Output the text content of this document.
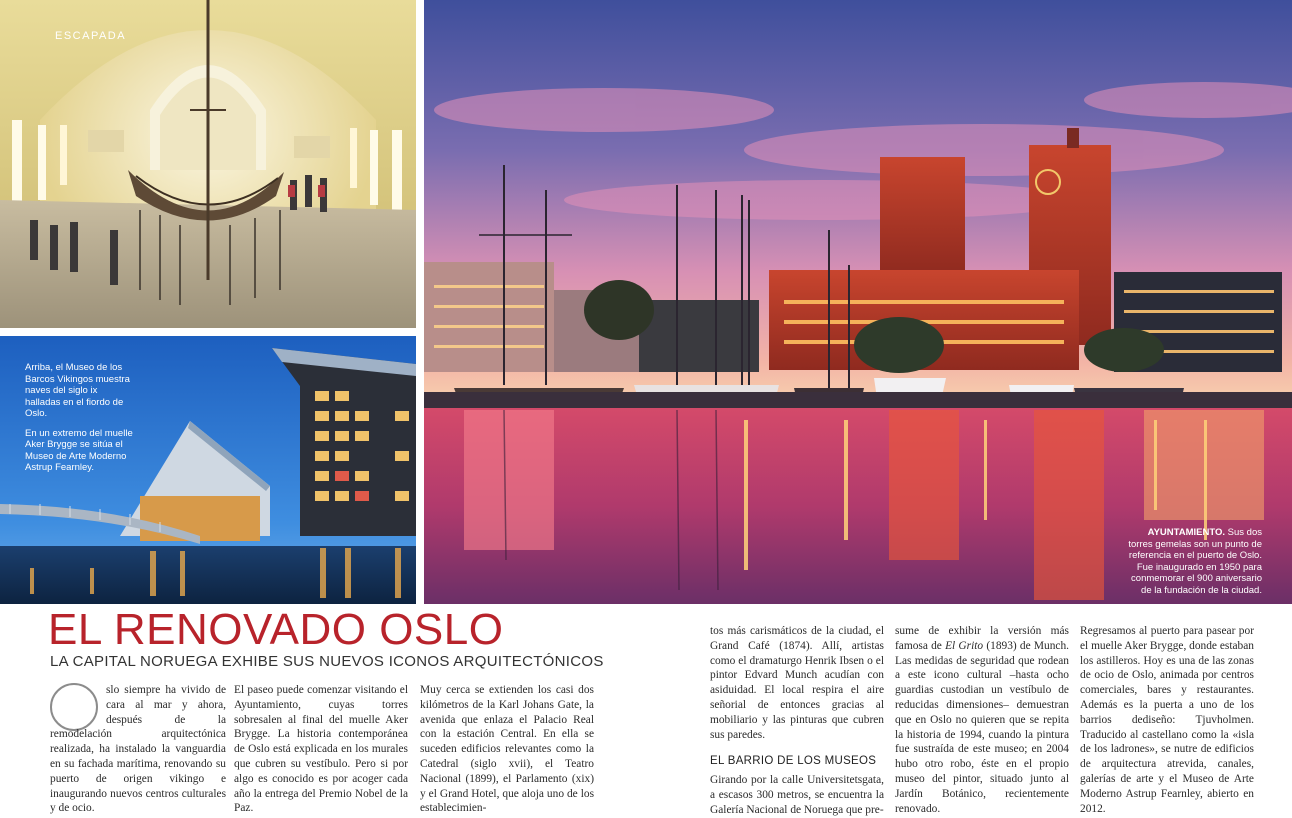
ESCAPADA

Arriba, el Museo de los Barcos Vikingos muestra naves del siglo ix halladas en el fiordo de Oslo.

En un extremo del muelle Aker Brygge se sitúa el Museo de Arte Moderno Astrup Fearnley.

AYUNTAMIENTO. Sus dos torres gemelas son un punto de referencia en el puerto de Oslo. Fue inaugurado en 1950 para conmemorar el 900 aniversario de la fundación de la ciudad.
EL RENOVADO OSLO
LA CAPITAL NORUEGA EXHIBE SUS NUEVOS ICONOS ARQUITECTÓNICOS

slo siempre ha vivido de cara al mar y ahora, después de la remodelación arquitectónica realizada, ha instalado la vanguardia en su fachada marítima, renovando su puerto de origen vikingo e inaugurando nuevos centros culturales y de ocio.

El paseo puede comenzar visitando el Ayuntamiento, cuyas torres sobresalen al final del muelle Aker Brygge. La historia contemporánea de Oslo está explicada en los murales que cubren su vestíbulo. Pero si por algo es conocido es por acoger cada año la entrega del Premio Nobel de la Paz.

Muy cerca se extienden los casi dos kilómetros de la Karl Johans Gate, la avenida que enlaza el Palacio Real con la estación Central. En ella se suceden edificios relevantes como la Catedral (siglo xvii), el Teatro Nacional (1899), el Parlamento (xix) y el Grand Hotel, que aloja uno de los establecimien-

tos más carismáticos de la ciudad, el Grand Café (1874). Allí, artistas como el dramaturgo Henrik Ibsen o el pintor Edvard Munch acudían con asiduidad. El local respira el aire señorial de entonces gracias al mobiliario y las pinturas que cubren sus paredes.

EL BARRIO DE LOS MUSEOS

Girando por la calle Universitetsgata, a escasos 300 metros, se encuentra la Galería Nacional de Noruega que pre-

sume de exhibir la versión más famosa de El Grito (1893) de Munch. Las medidas de seguridad que rodean a este icono cultural –hasta ocho guardias custodian un vestíbulo de reducidas dimensiones– demuestran que en Oslo no quieren que se repita la historia de 1994, cuando la pintura fue sustraída de este museo; en 2004 hubo otro robo, éste en el propio museo del pintor, situado junto al Jardín Botánico, recientemente renovado.

Regresamos al puerto para pasear por el muelle Aker Brygge, donde estaban los astilleros. Hoy es una de las zonas de ocio de Oslo, animada por centros comerciales, bares y restaurantes. Además es la puerta a uno de los barrios dediseño: Tjuvholmen. Traducido al castellano como la «isla de los ladrones», se nutre de edificios de arquitectura atrevida, canales, galerías de arte y el Museo de Arte Moderno Astrup Fearnley, abierto en 2012.
